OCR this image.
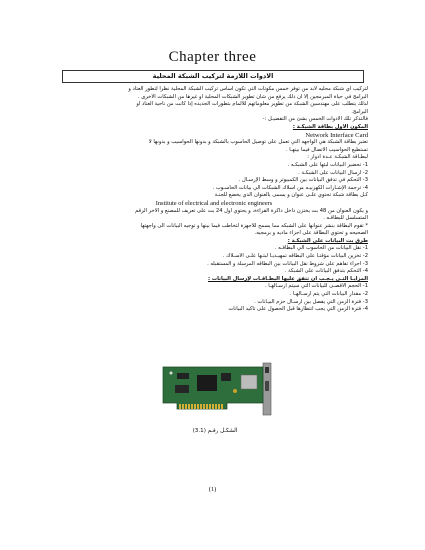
Chapter three
الادوات اللازمة لتركيب الشبكة المحلية

لتركيب اي شبكة محليه لابد من توفر خمس مكونات التي تكون اساس تركيب الشبكة المحلية نظراً لتطور العتاد و

البرامج في حياة المبرمجين إلا أن ذلك يرفع من شأن تطوير الشبكات المحلية أو غيرها من الشبكات الأخرى .

لذلك يتطلب على مهندسين الشبكة من تطوير معلوماتهم للالمام بتطورات الجديده إذا كانت من ناحية العتاد او

البرامج.

فالتذكر تلك الادوات الخمس بشئ من التفصيـل :-

المكون الاول بطاقة الشبكـة :

Network Interface Card

تعتبر بطاقة الشبكة هي الواجهه التي تعمل على توصيل الحاسوب بالشبكة و بدونها الحواسيب و بدونها لا

تستطيع الحواسيب الاتصال فيما بينهـا .

لبطـاقة الشبكـة عـدة أدوار :

1- تحضير البيانات لبثها على الشبكـه .

2- ارسال البيانات على الشبكـة .

3- التحكم في تدفق البيانات بين الكمبيوتر و وسط الإرسـال .

4- ترجمة الإشـارات الكهربيـه من اسلاك الشبكات الي بيانات الحاسـوب .

كـل بطاقة شبكة تحتوي علـى عنوان و يسمى بالعنوان الذي يخضع للجنـة

Institute of electrical and electronic engineers

و يكون العنوان من 48 بت يختزن داخل ذاكرة القراءة، و يحتوي اول 24 بت على تعريف للمصنع و الاخر الرقم

المتسلسل للبطاقـه .

* تقوم البطاقة بنشر عنوانها على الشبكه مما يسمح للأجهزة لتخاطب فيما بينها و توجيه البيانات الى واجهتها

الصحيحه و تحتوي البطاقة على اجزاء ماديه و برمجيه.

طرق بث البيانات على الشبكـة :

1- نقل البيانات من الحاسوب الي البطاقـه .

2- تخزين البيانات مؤقتـاً على البطاقه تمهيـديـا لبثـها علـى الاسـلاك .

3- اجراء تفاهم على شروط نقل البيانات بين البطاقه المرسلة و المستقبله .

4- التحكم بتدفق البيانات على الشبكة .

المزايـا التـي يـجـب ان تتفق عليها البطـاقـات لإرسال البيانات :

1- الحجم الأقصـى للبيانات التي سيتم ارسـالهـا .

2- مقدار البيانات التي يتم ارسـالهـا .

3- فترة الزمن التي يفصل بين ارسـال حزم البيـانات .

4- فترة الزمن التي يجب انتظارها قبل الحصول على تأكيد البيانات

الشكـل رقـم (3.1)
(1)
